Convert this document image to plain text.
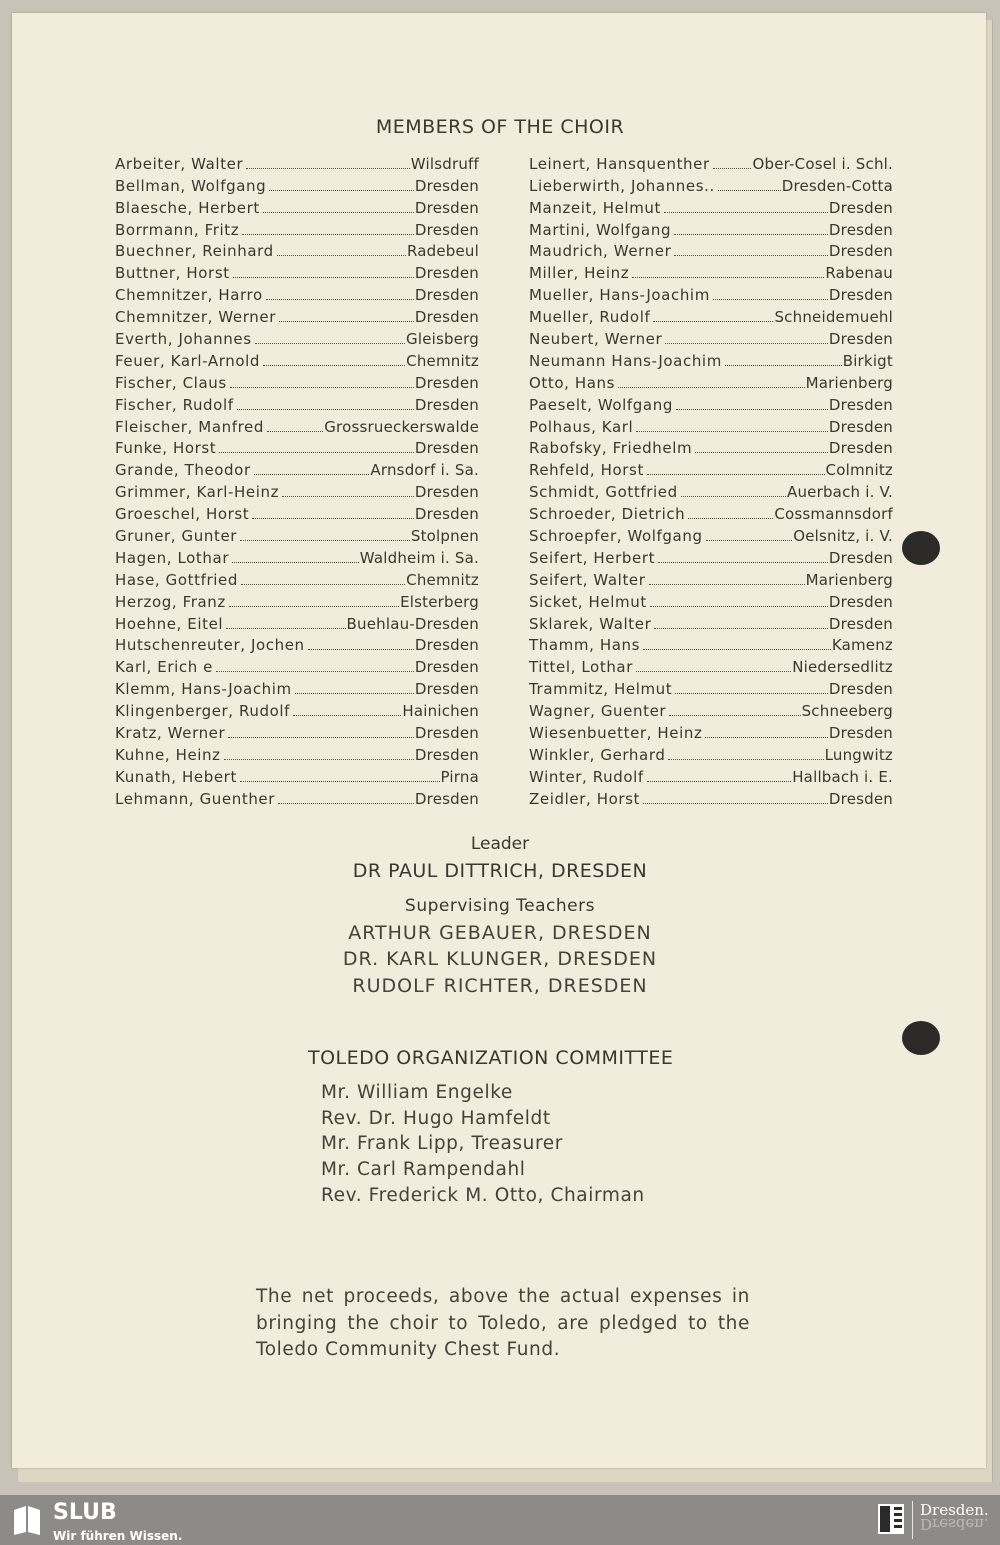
MEMBERS OF THE CHOIR
Arbeiter, Walter	Wilsdruff
Bellman, Wolfgang	Dresden
Blaesche, Herbert	Dresden
Borrmann, Fritz	Dresden
Buechner, Reinhard	Radebeul
Buttner, Horst	Dresden
Chemnitzer, Harro	Dresden
Chemnitzer, Werner	Dresden
Everth, Johannes	Gleisberg
Feuer, Karl-Arnold	Chemnitz
Fischer, Claus	Dresden
Fischer, Rudolf	Dresden
Fleischer, Manfred	Grossrueckerswalde
Funke, Horst	Dresden
Grande, Theodor	Arnsdorf i. Sa.
Grimmer, Karl-Heinz	Dresden
Groeschel, Horst	Dresden
Gruner, Gunter	Stolpnen
Hagen, Lothar	Waldheim i. Sa.
Hase, Gottfried	Chemnitz
Herzog, Franz	Elsterberg
Hoehne, Eitel	Buehlau-Dresden
Hutschenreuter, Jochen	Dresden
Karl, Erich e	Dresden
Klemm, Hans-Joachim	Dresden
Klingenberger, Rudolf	Hainichen
Kratz, Werner	Dresden
Kuhne, Heinz	Dresden
Kunath, Hebert	Pirna
Lehmann, Guenther	Dresden
Leinert, Hansquenther	Ober-Cosel i. Schl.
Lieberwirth, Johannes..	Dresden-Cotta
Manzeit, Helmut	Dresden
Martini, Wolfgang	Dresden
Maudrich, Werner	Dresden
Miller, Heinz	Rabenau
Mueller, Hans-Joachim	Dresden
Mueller, Rudolf	Schneidemuehl
Neubert, Werner	Dresden
Neumann Hans-Joachim	Birkigt
Otto, Hans	Marienberg
Paeselt, Wolfgang	Dresden
Polhaus, Karl	Dresden
Rabofsky, Friedhelm	Dresden
Rehfeld, Horst	Colmnitz
Schmidt, Gottfried	Auerbach i. V.
Schroeder, Dietrich	Cossmannsdorf
Schroepfer, Wolfgang	Oelsnitz, i. V.
Seifert, Herbert	Dresden
Seifert, Walter	Marienberg
Sicket, Helmut	Dresden
Sklarek, Walter	Dresden
Thamm, Hans	Kamenz
Tittel, Lothar	Niedersedlitz
Trammitz, Helmut	Dresden
Wagner, Guenter	Schneeberg
Wiesenbuetter, Heinz	Dresden
Winkler, Gerhard	Lungwitz
Winter, Rudolf	Hallbach i. E.
Zeidler, Horst	Dresden
Leader
DR PAUL DITTRICH, DRESDEN
Supervising Teachers
ARTHUR GEBAUER, DRESDEN
DR. KARL KLUNGER, DRESDEN
RUDOLF RICHTER, DRESDEN
TOLEDO ORGANIZATION COMMITTEE
Mr. William Engelke
Rev. Dr. Hugo Hamfeldt
Mr. Frank Lipp, Treasurer
Mr. Carl Rampendahl
Rev. Frederick M. Otto, Chairman
The net proceeds, above the actual expenses in bringing the choir to Toledo, are pledged to the Toledo Community Chest Fund.
SLUB
Wir führen Wissen.
Dresden.
Dresden.
